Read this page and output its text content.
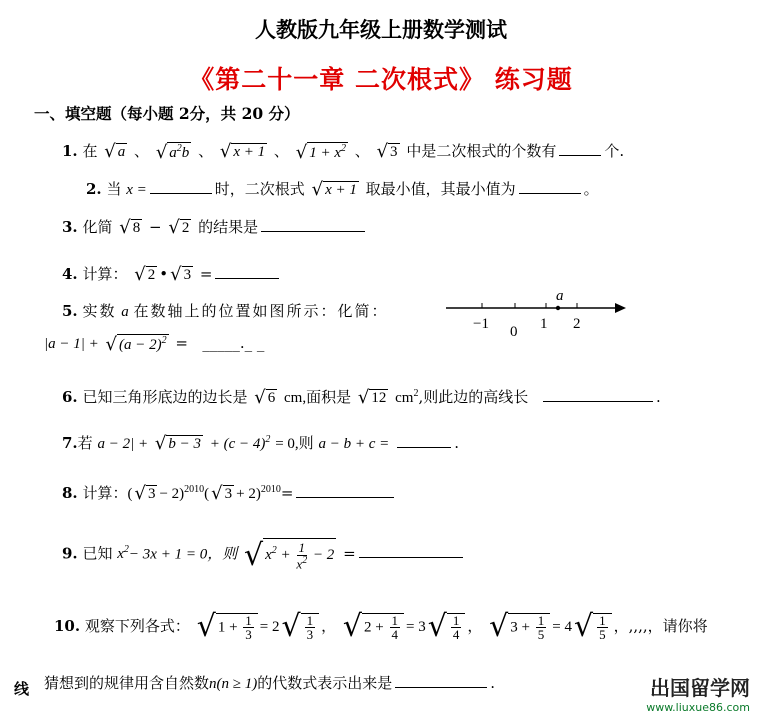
人教版九年级上册数学测试
《第二十一章 二次根式》 练习题
一、填空题（每小题 2分，共 20 分）
1. 在 √ a 、 √ $a^2b$ 、 √ x + 1 、 √ $1 + x^2$ 、 √ 3 中是二次根式的个数有	个.
2. 当 x =	时，二次根式 √ x + 1 取最小值，其最小值为	。
3. 化简 √ 8 − √ 2 的结果是
4. 计算： √ 2 • √ 3 =
5. 实数 a 在数轴上的位置如图所示：化简：
|a − 1| + √ $(a - 2)^2$ = _____._ _
a
−1 0 1 2
6. 已知三角形底边的边长是 √ 6 cm,面积是 √ 12 $cm^2$,则此边的高线长	.
7.若 a − 2| + √ $b - 3 + (c - 4)^2 = 0$,则 a − b + c =	.
8. 计算：( √ 3 − 2)$^{2010}$( √ 3 + 2)$^{2010}$=
9. 已知 $x^2- 3x + 1 = 0$，则 √ $x^2 + \frac{1}{x^2} - 2$ =
10. 观察下列各式： √ $1 + \frac{1}{3} = 2$ √ $\frac{1}{3}$ ， √ $2 + \frac{1}{4} = 3$ √ $\frac{1}{4}$ ， √ $3 + \frac{1}{5} = 4$ √ $\frac{1}{5}$ ，,,,,，请你将
猜想到的规律用含自然数n(n ≥ 1)的代数式表示出来是	.
线	出国留学网
www.liuxue86.com
